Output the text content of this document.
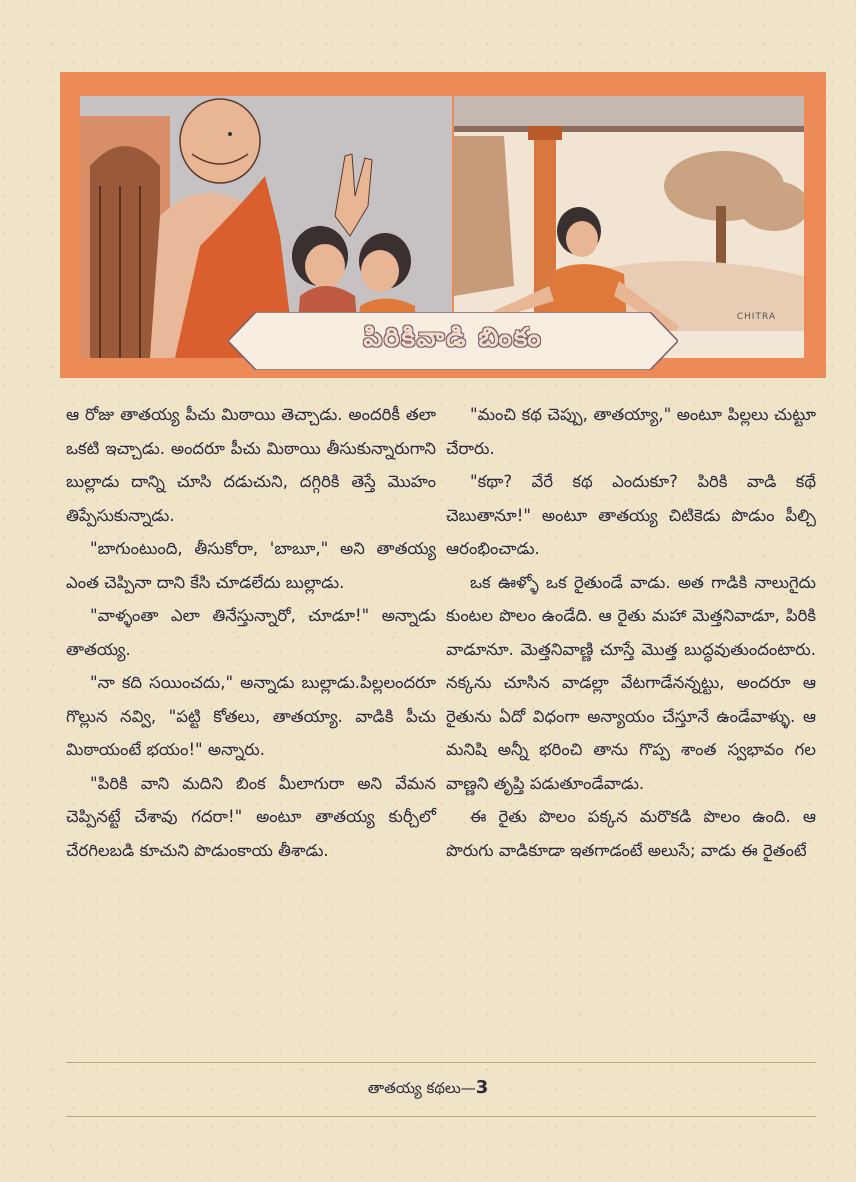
CHITRA
పిరికివాడి బింకం

ఆ రోజు తాతయ్య పీచు మిఠాయి తెచ్చాడు. అందరికీ తలా ఒకటి ఇచ్చాడు. అందరూ పీచు మిఠాయి తీసుకున్నారుగాని బుల్లాడు దాన్ని చూసి దడుచుని, దగ్గిరికి తెస్తే మొహం తిప్పేసుకున్నాడు.

"బాగుంటుంది, తీసుకోరా, 'బాబూ," అని తాతయ్య ఎంత చెప్పినా దాని కేసి చూడలేదు బుల్లాడు.

"వాళ్ళంతా ఎలా తినేస్తున్నారో, చూడూ!" అన్నాడు తాతయ్య.

"నా కది సయించదు," అన్నాడు బుల్లాడు.పిల్లలందరూ గొల్లున నవ్వి, "పట్టి కోతలు, తాతయ్యా. వాడికి పీచు మిఠాయంటే భయం!" అన్నారు.

"పిరికి వాని మదిని బింక మీలాగురా అని వేమన చెప్పినట్టే చేశావు గదరా!" అంటూ తాతయ్య కుర్చీలో చేరగిలబడి కూచుని పొడుంకాయ తీశాడు.

"మంచి కథ చెప్పు, తాతయ్యా," అంటూ పిల్లలు చుట్టూ చేరారు.

"కథా? వేరే కథ ఎందుకూ? పిరికి వాడి కథే చెబుతానూ!" అంటూ తాతయ్య చిటికెడు పొడుం పీల్చి ఆరంభించాడు.

ఒక ఊళ్ళో ఒక రైతుండే వాడు. అత గాడికి నాలుగైదు కుంటల పొలం ఉండేది. ఆ రైతు మహా మెత్తనివాడూ, పిరికి వాడూనూ. మెత్తనివాణ్ణి చూస్తే మొత్త బుద్ధవుతుందంటారు. నక్కను చూసిన వాడల్లా వేటగాడేనన్నట్టు, అందరూ ఆ రైతును ఏదో విధంగా అన్యాయం చేస్తూనే ఉండేవాళ్ళు. ఆ మనిషి అన్నీ భరించి తాను గొప్ప శాంత స్వభావం గల వాణ్ణని తృప్తి పడుతూండేవాడు.

ఈ రైతు పొలం పక్కన మరొకడి పొలం ఉంది. ఆ పొరుగు వాడికూడా ఇతగాడంటే అలుసే; వాడు ఈ రైతంటే

తాతయ్య కథలు—3
